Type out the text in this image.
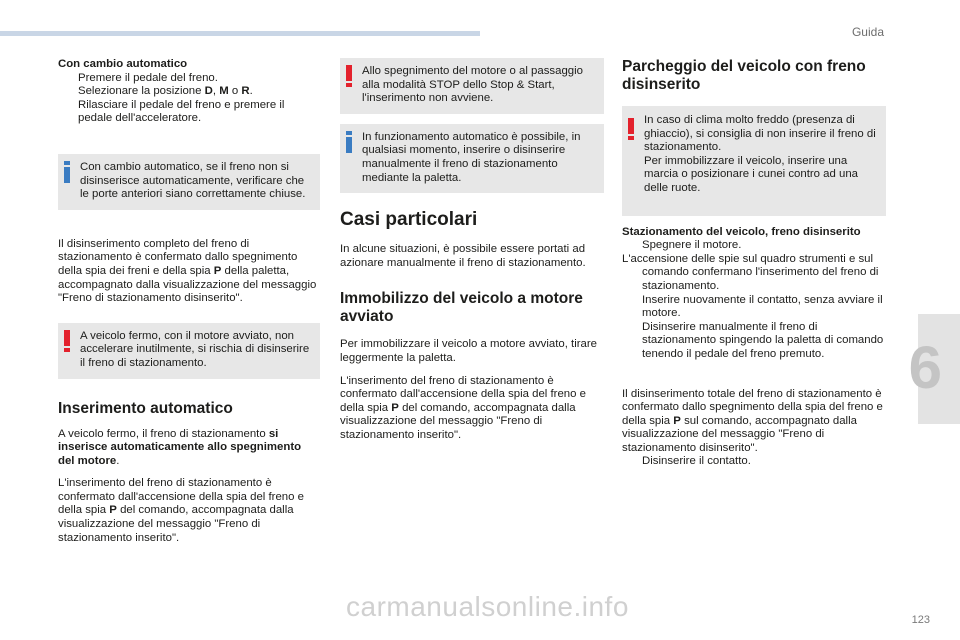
Guida
6
123
carmanualsonline.info
Con cambio automatico
Premere il pedale del freno.
Selezionare la posizione D, M o R.
Rilasciare il pedale del freno e premere il pedale dell'acceleratore.
Con cambio automatico, se il freno non si disinserisce automaticamente, verificare che le porte anteriori siano correttamente chiuse.
Il disinserimento completo del freno di stazionamento è confermato dallo spegnimento della spia dei freni e della spia P della paletta, accompagnato dalla visualizzazione del messaggio "Freno di stazionamento disinserito".
A veicolo fermo, con il motore avviato, non accelerare inutilmente, si rischia di disinserire il freno di stazionamento.
Inserimento automatico
A veicolo fermo, il freno di stazionamento si inserisce automaticamente allo spegnimento del motore.
L'inserimento del freno di stazionamento è confermato dall'accensione della spia del freno e della spia P del comando, accompagnata dalla visualizzazione del messaggio "Freno di stazionamento inserito".
Allo spegnimento del motore o al passaggio alla modalità STOP dello Stop & Start, l'inserimento non avviene.
In funzionamento automatico è possibile, in qualsiasi momento, inserire o disinserire manualmente il freno di stazionamento mediante la paletta.
Casi particolari
In alcune situazioni, è possibile essere portati ad azionare manualmente il freno di stazionamento.
Immobilizzo del veicolo a motore avviato
Per immobilizzare il veicolo a motore avviato, tirare leggermente la paletta.
L'inserimento del freno di stazionamento è confermato dall'accensione della spia del freno e della spia P del comando, accompagnata dalla visualizzazione del messaggio "Freno di stazionamento inserito".
Parcheggio del veicolo con freno disinserito
In caso di clima molto freddo (presenza di ghiaccio), si consiglia di non inserire il freno di stazionamento.
Per immobilizzare il veicolo, inserire una marcia o posizionare i cunei contro ad una delle ruote.
Stazionamento del veicolo, freno disinserito
Spegnere il motore.
L'accensione delle spie sul quadro strumenti e sul comando confermano l'inserimento del freno di stazionamento.
Inserire nuovamente il contatto, senza avviare il motore.
Disinserire manualmente il freno di stazionamento spingendo la paletta di comando tenendo il pedale del freno premuto.
Il disinserimento totale del freno di stazionamento è confermato dallo spegnimento della spia del freno e della spia P sul comando, accompagnato dalla visualizzazione del messaggio "Freno di stazionamento disinserito".
Disinserire il contatto.
